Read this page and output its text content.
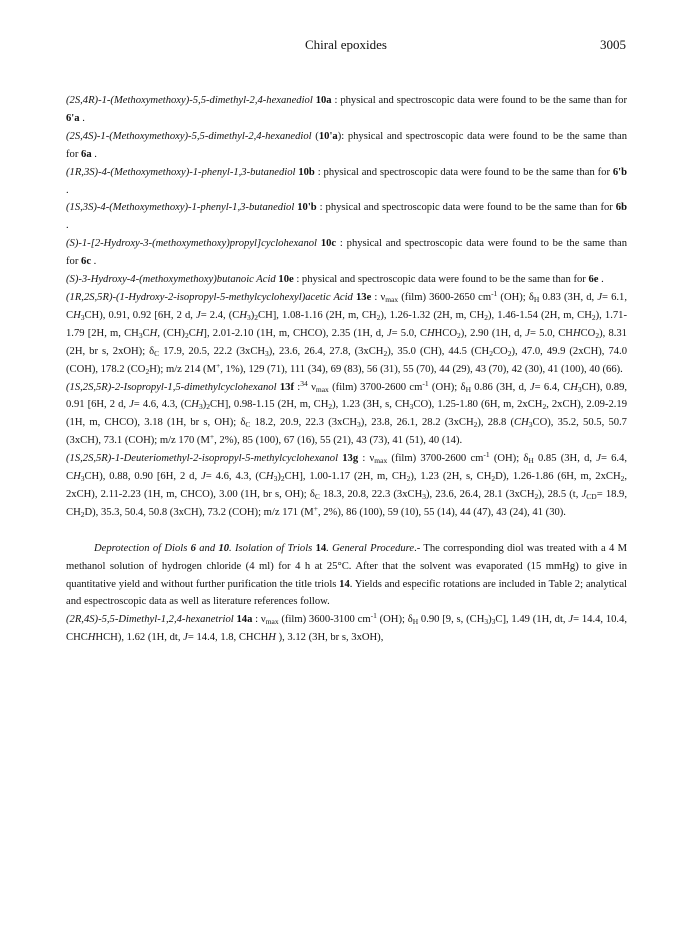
Chiral epoxides	3005

(2S,4R)-1-(Methoxymethoxy)-5,5-dimethyl-2,4-hexanediol 10a : physical and spectroscopic data were found to be the same than for 6'a .

(2S,4S)-1-(Methoxymethoxy)-5,5-dimethyl-2,4-hexanediol (10'a): physical and spectroscopic data were found to be the same than for 6a .

(1R,3S)-4-(Methoxymethoxy)-1-phenyl-1,3-butanediol 10b : physical and spectroscopic data were found to be the same than for 6'b .

(1S,3S)-4-(Methoxymethoxy)-1-phenyl-1,3-butanediol 10'b : physical and spectroscopic data were found to be the same than for 6b .

(S)-1-[2-Hydroxy-3-(methoxymethoxy)propyl]cyclohexanol 10c : physical and spectroscopic data were found to be the same than for 6c .

(S)-3-Hydroxy-4-(methoxymethoxy)butanoic Acid 10e : physical and spectroscopic data were found to be the same than for 6e .

(1R,2S,5R)-(1-Hydroxy-2-isopropyl-5-methylcyclohexyl)acetic Acid 13e : $\nu_{max}$ (film) 3600-2650 $cm^{-1}$ (OH); $\delta_H$ 0.83 (3H, d, J= 6.1, $CH_3CH$), 0.91, 0.92 [6H, 2 d, J= 2.4, $(CH_3)_2CH$], 1.08-1.16 (2H, m, $CH_2$), 1.26-1.32 (2H, m, $CH_2$), 1.46-1.54 (2H, m, $CH_2$), 1.71-1.79 [2H, m, $CH_3CH$, $(CH)_2CH$], 2.01-2.10 (1H, m, CHCO), 2.35 (1H, d, J= 5.0, $CHHCO_2$), 2.90 (1H, d, J= 5.0, $CHHCO_2$), 8.31 (2H, br s, 2xOH); $\delta_C$ 17.9, 20.5, 22.2 (3xCH$_3$), 23.6, 26.4, 27.8, (3xCH$_2$), 35.0 (CH), 44.5 $(CH_2CO_2)$, 47.0, 49.9 (2xCH), 74.0 (COH), 178.2 $(CO_2H)$; m/z 214 (M+, 1%), 129 (71), 111 (34), 69 (83), 56 (31), 55 (70), 44 (29), 43 (70), 42 (30), 41 (100), 40 (66).

(1S,2S,5R)-2-Isopropyl-1,5-dimethylcyclohexanol 13f :$^{34}$ $\nu_{max}$ (film) 3700-2600 $cm^{-1}$ (OH); $\delta_H$ 0.86 (3H, d, J= 6.4, $CH_3CH$), 0.89, 0.91 [6H, 2 d, J= 4.6, 4.3, $(CH_3)_2CH$], 0.98-1.15 (2H, m, $CH_2$), 1.23 (3H, s, $CH_3CO$), 1.25-1.80 (6H, m, 2xCH$_2$, 2xCH), 2.09-2.19 (1H, m, CHCO), 3.18 (1H, br s, OH); $\delta_C$ 18.2, 20.9, 22.3 (3xCH$_3$), 23.8, 26.1, 28.2 (3xCH$_2$), 28.8 $(CH_3CO)$, 35.2, 50.5, 50.7 (3xCH), 73.1 (COH); m/z 170 (M+, 2%), 85 (100), 67 (16), 55 (21), 43 (73), 41 (51), 40 (14).

(1S,2S,5R)-1-Deuteriomethyl-2-isopropyl-5-methylcyclohexanol 13g : $\nu_{max}$ (film) 3700-2600 $cm^{-1}$ (OH); $\delta_H$ 0.85 (3H, d, J= 6.4, $CH_3CH$), 0.88, 0.90 [6H, 2 d, J= 4.6, 4.3, $(CH_3)_2CH$], 1.00-1.17 (2H, m, $CH_2$), 1.23 (2H, s, $CH_2D$), 1.26-1.86 (6H, m, 2xCH$_2$, 2xCH), 2.11-2.23 (1H, m, CHCO), 3.00 (1H, br s, OH); $\delta_C$ 18.3, 20.8, 22.3 (3xCH$_3$), 23.6, 26.4, 28.1 (3xCH$_2$), 28.5 (t, $J_{CD}= 18.9$, $CH_2D$), 35.3, 50.4, 50.8 (3xCH), 73.2 (COH); m/z 171 (M+, 2%), 86 (100), 59 (10), 55 (14), 44 (47), 43 (24), 41 (30).

Deprotection of Diols 6 and 10. Isolation of Triols 14. General Procedure.- The corresponding diol was treated with a 4 M methanol solution of hydrogen chloride (4 ml) for 4 h at 25°C. After that the solvent was evaporated (15 mmHg) to give in quantitative yield and without further purification the title triols 14. Yields and especific rotations are included in Table 2; analytical and espectroscopic data as well as literature references follow.

(2R,4S)-5,5-Dimethyl-1,2,4-hexanetriol 14a : $\nu_{max}$ (film) 3600-3100 $cm^{-1}$ (OH); $\delta_H$ 0.90 [9, s, $(CH_3)_3C$], 1.49 (1H, dt, J= 14.4, 10.4, CHCHHCH), 1.62 (1H, dt, J= 14.4, 1.8, CHCHH ), 3.12 (3H, br s, 3xOH),
